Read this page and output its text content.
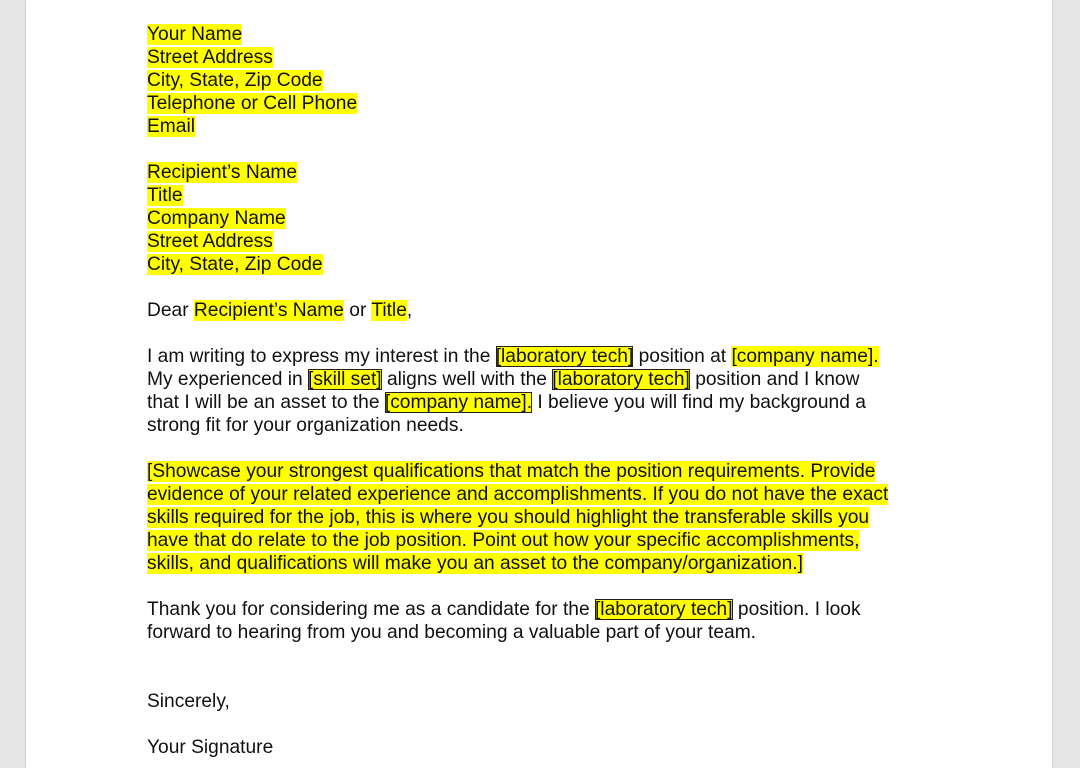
Your Name
Street Address
City, State, Zip Code
Telephone or Cell Phone
Email
Recipient’s Name
Title
Company Name
Street Address
City, State, Zip Code
Dear Recipient’s Name or Title,
I am writing to express my interest in the [laboratory tech] position at [company name].
My experienced in [skill set] aligns well with the [laboratory tech] position and I know
that I will be an asset to the [company name]. I believe you will find my background a
strong fit for your organization needs.
[Showcase your strongest qualifications that match the position requirements. Provide
evidence of your related experience and accomplishments. If you do not have the exact
skills required for the job, this is where you should highlight the transferable skills you
have that do relate to the job position. Point out how your specific accomplishments,
skills, and qualifications will make you an asset to the company/organization.]
Thank you for considering me as a candidate for the [laboratory tech] position. I look
forward to hearing from you and becoming a valuable part of your team.
Sincerely,
Your Signature
